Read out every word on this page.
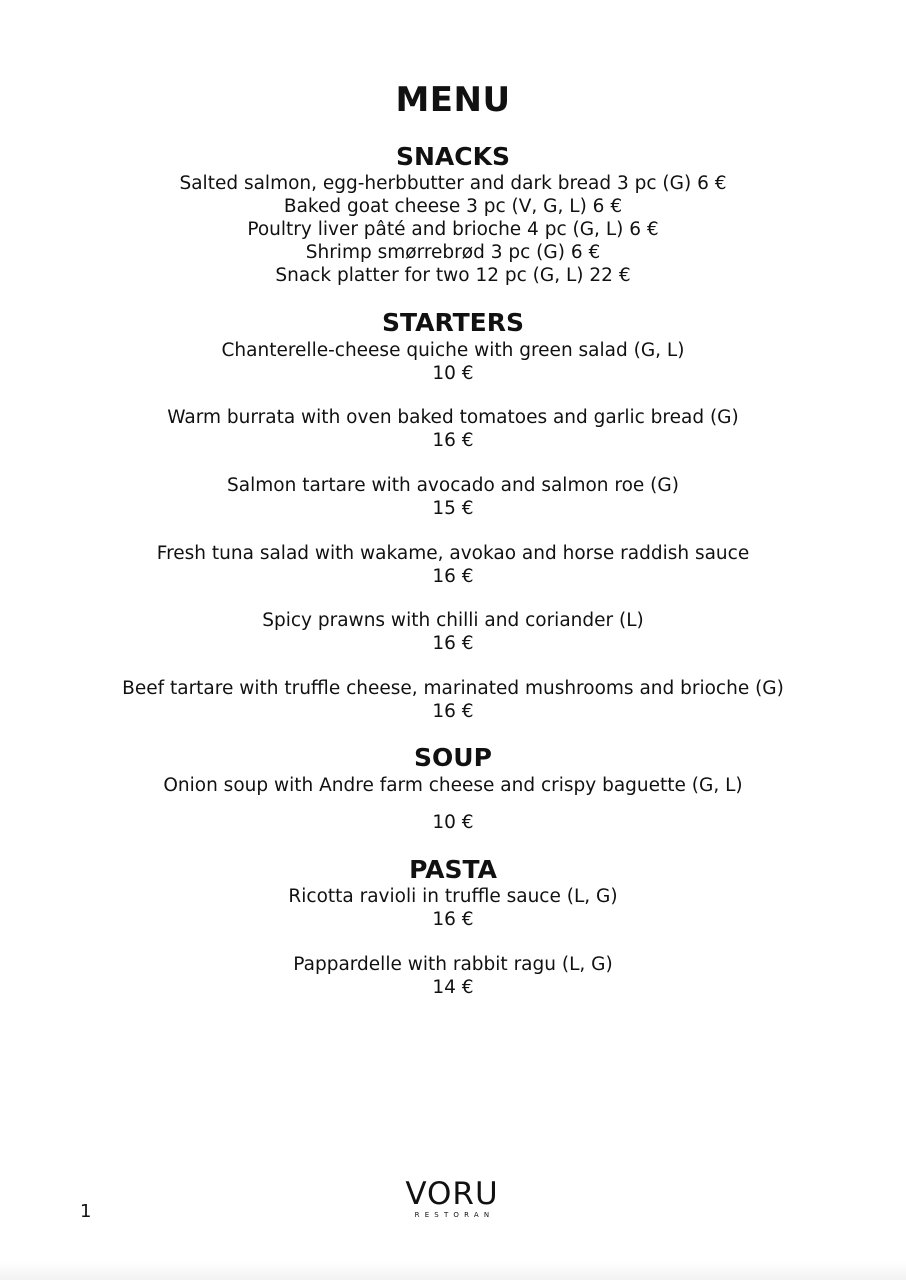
MENU
SNACKS
Salted salmon, egg-herbbutter and dark bread 3 pc (G) 6 €
Baked goat cheese 3 pc (V, G, L) 6 €
Poultry liver pâté and brioche 4 pc (G, L) 6 €
Shrimp smørrebrød 3 pc (G) 6 €
Snack platter for two 12 pc (G, L) 22 €
STARTERS
Chanterelle-cheese quiche with green salad (G, L)
10 €
Warm burrata with oven baked tomatoes and garlic bread (G)
16 €
Salmon tartare with avocado and salmon roe (G)
15 €
Fresh tuna salad with wakame, avokao and horse raddish sauce
16 €
Spicy prawns with chilli and coriander (L)
16 €
Beef tartare with truffle cheese, marinated mushrooms and brioche (G)
16 €
SOUP
Onion soup with Andre farm cheese and crispy baguette (G, L)
10 €
PASTA
Ricotta ravioli in truffle sauce (L, G)
16 €
Pappardelle with rabbit ragu (L, G)
14 €
VORU
RESTORAN
1
